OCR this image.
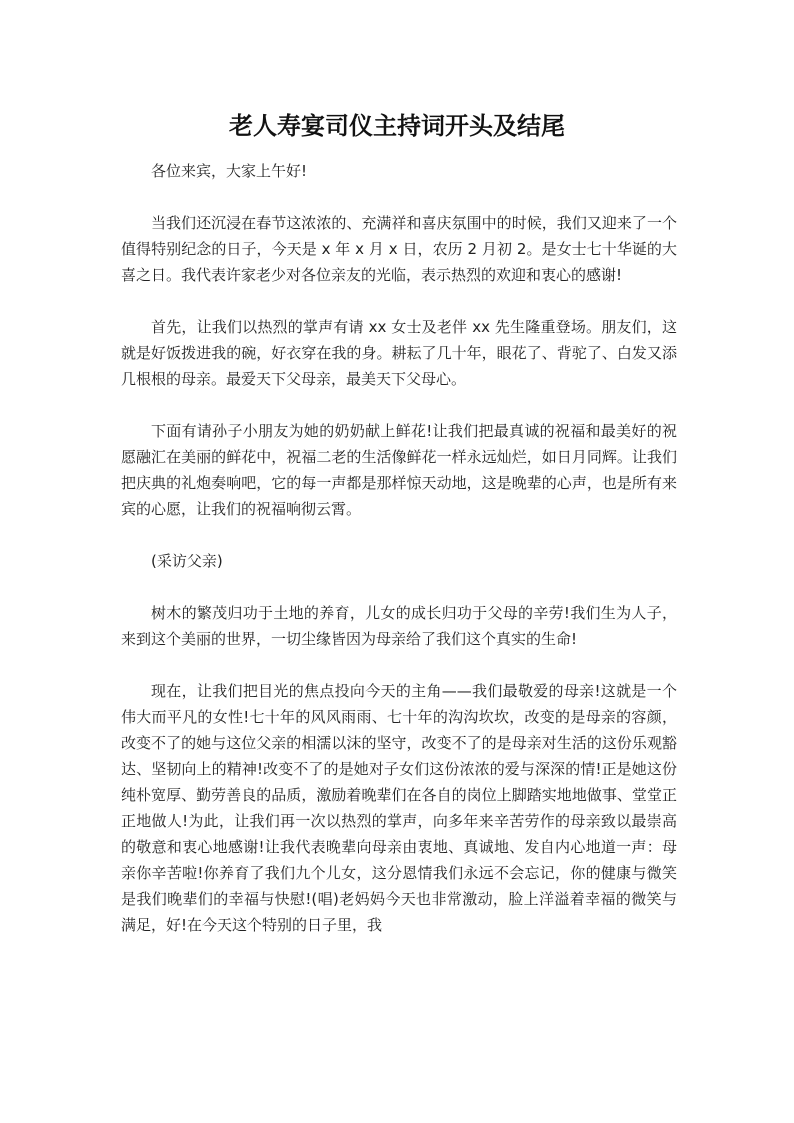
老人寿宴司仪主持词开头及结尾

各位来宾，大家上午好!

当我们还沉浸在春节这浓浓的、充满祥和喜庆氛围中的时候，我们又迎来了一个值得特别纪念的日子，今天是 x 年 x 月 x 日，农历 2 月初 2。是女士七十华诞的大喜之日。我代表许家老少对各位亲友的光临，表示热烈的欢迎和衷心的感谢!

首先，让我们以热烈的掌声有请 xx 女士及老伴 xx 先生隆重登场。朋友们，这就是好饭拨进我的碗，好衣穿在我的身。耕耘了几十年，眼花了、背驼了、白发又添几根根的母亲。最爱天下父母亲，最美天下父母心。

下面有请孙子小朋友为她的奶奶献上鲜花!让我们把最真诚的祝福和最美好的祝愿融汇在美丽的鲜花中，祝福二老的生活像鲜花一样永远灿烂，如日月同辉。让我们把庆典的礼炮奏响吧，它的每一声都是那样惊天动地，这是晚辈的心声，也是所有来宾的心愿，让我们的祝福响彻云霄。

(采访父亲)

树木的繁茂归功于土地的养育，儿女的成长归功于父母的辛劳!我们生为人子，来到这个美丽的世界，一切尘缘皆因为母亲给了我们这个真实的生命!

现在，让我们把目光的焦点投向今天的主角——我们最敬爱的母亲!这就是一个伟大而平凡的女性!七十年的风风雨雨、七十年的沟沟坎坎，改变的是母亲的容颜，改变不了的她与这位父亲的相濡以沫的坚守，改变不了的是母亲对生活的这份乐观豁达、坚韧向上的精神!改变不了的是她对子女们这份浓浓的爱与深深的情!正是她这份纯朴宽厚、勤劳善良的品质，激励着晚辈们在各自的岗位上脚踏实地地做事、堂堂正正地做人!为此，让我们再一次以热烈的掌声，向多年来辛苦劳作的母亲致以最崇高的敬意和衷心地感谢!让我代表晚辈向母亲由衷地、真诚地、发自内心地道一声：母亲你辛苦啦!你养育了我们九个儿女，这分恩情我们永远不会忘记，你的健康与微笑是我们晚辈们的幸福与快慰!(唱)老妈妈今天也非常激动，脸上洋溢着幸福的微笑与满足，好!在今天这个特别的日子里，我
